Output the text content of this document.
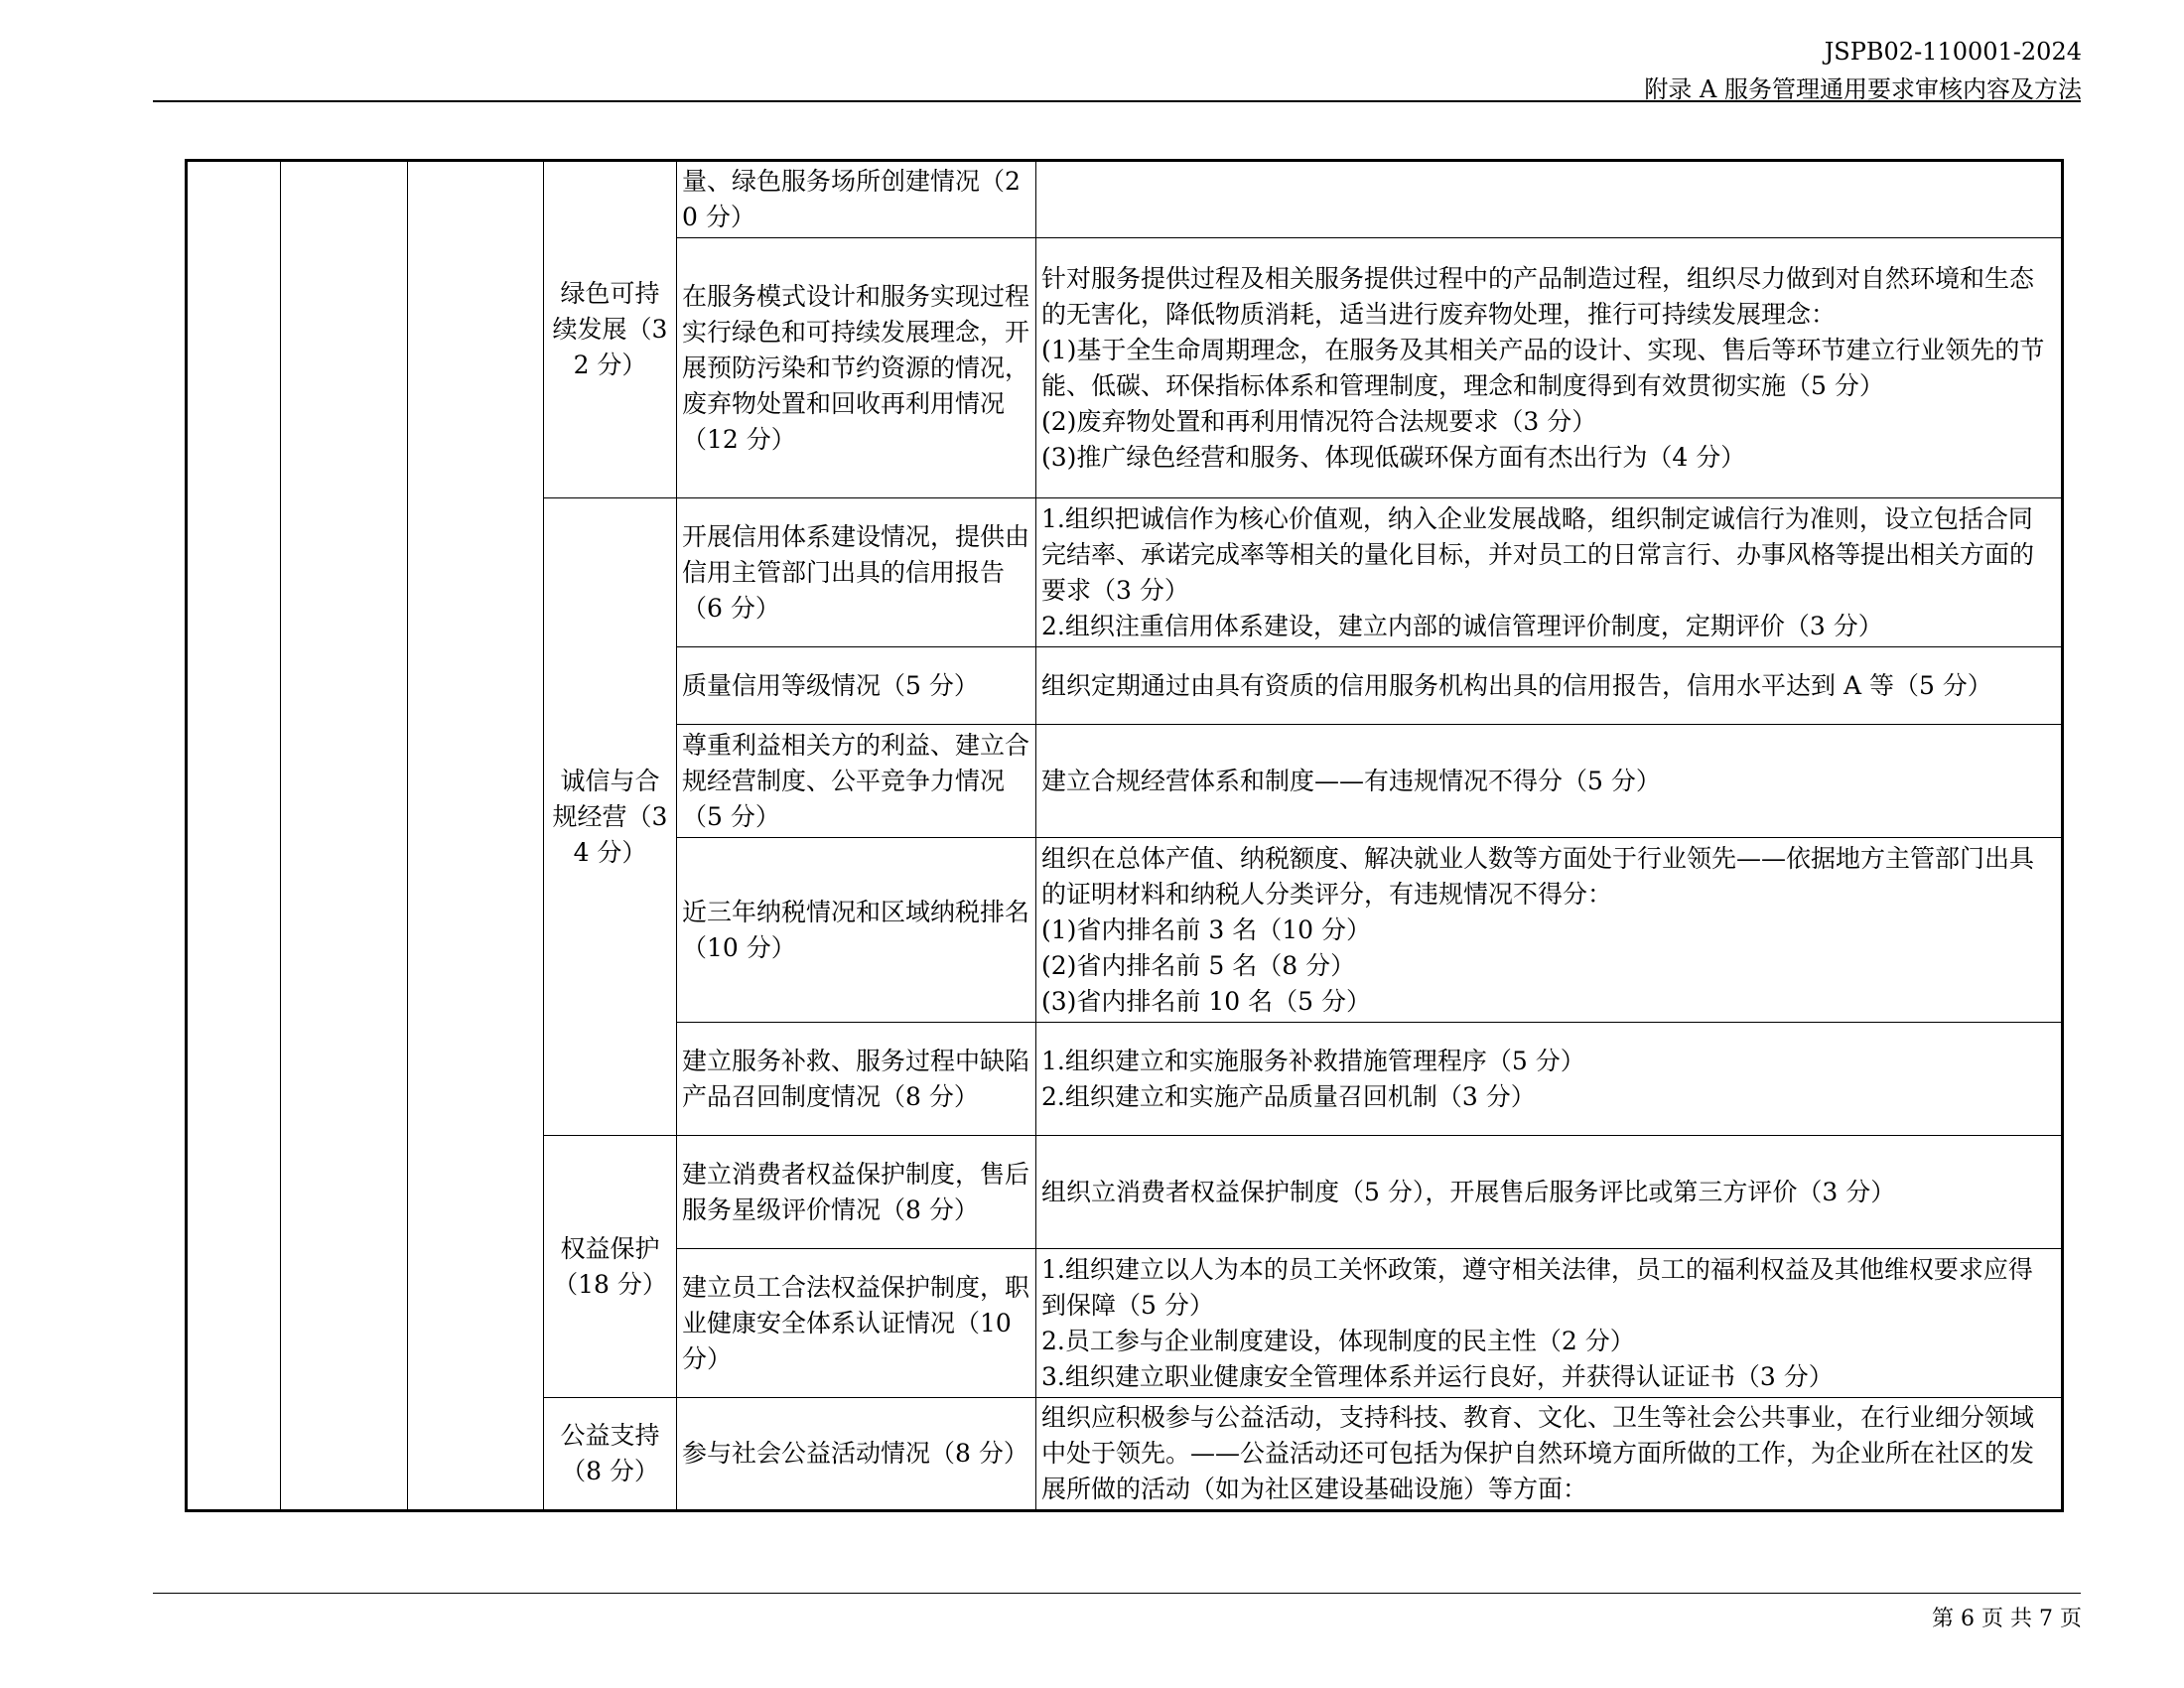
JSPB02-110001-2024
附录 A 服务管理通用要求审核内容及方法
			绿色可持续发展（32 分）	量、绿色服务场所创建情况（20 分）	
				在服务模式设计和服务实现过程实行绿色和可持续发展理念，开展预防污染和节约资源的情况，废弃物处置和回收再利用情况（12 分）	针对服务提供过程及相关服务提供过程中的产品制造过程，组织尽力做到对自然环境和生态的无害化，降低物质消耗，适当进行废弃物处理，推行可持续发展理念：
(1)基于全生命周期理念，在服务及其相关产品的设计、实现、售后等环节建立行业领先的节能、低碳、环保指标体系和管理制度，理念和制度得到有效贯彻实施（5 分）
(2)废弃物处置和再利用情况符合法规要求（3 分）
(3)推广绿色经营和服务、体现低碳环保方面有杰出行为（4 分）

			诚信与合规经营（34 分）	开展信用体系建设情况，提供由信用主管部门出具的信用报告（6 分）	1.组织把诚信作为核心价值观，纳入企业发展战略，组织制定诚信行为准则，设立包括合同完结率、承诺完成率等相关的量化目标，并对员工的日常言行、办事风格等提出相关方面的要求（3 分）
2.组织注重信用体系建设，建立内部的诚信管理评价制度，定期评价（3 分）

				质量信用等级情况（5 分）	组织定期通过由具有资质的信用服务机构出具的信用报告，信用水平达到 A 等（5 分）

				尊重利益相关方的利益、建立合规经营制度、公平竞争力情况（5 分）	建立合规经营体系和制度——有违规情况不得分（5 分）

				近三年纳税情况和区域纳税排名（10 分）	组织在总体产值、纳税额度、解决就业人数等方面处于行业领先——依据地方主管部门出具的证明材料和纳税人分类评分，有违规情况不得分：
(1)省内排名前 3 名（10 分）
(2)省内排名前 5 名（8 分）
(3)省内排名前 10 名（5 分）

				建立服务补救、服务过程中缺陷产品召回制度情况（8 分）	1.组织建立和实施服务补救措施管理程序（5 分）
2.组织建立和实施产品质量召回机制（3 分）

			权益保护（18 分）	建立消费者权益保护制度，售后服务星级评价情况（8 分）	组织立消费者权益保护制度（5 分），开展售后服务评比或第三方评价（3 分）

				建立员工合法权益保护制度，职业健康安全体系认证情况（10 分）	1.组织建立以人为本的员工关怀政策，遵守相关法律，员工的福利权益及其他维权要求应得到保障（5 分）
2.员工参与企业制度建设，体现制度的民主性（2 分）
3.组织建立职业健康安全管理体系并运行良好，并获得认证证书（3 分）

			公益支持（8 分）	参与社会公益活动情况（8 分）	组织应积极参与公益活动，支持科技、教育、文化、卫生等社会公共事业，在行业细分领域中处于领先。——公益活动还可包括为保护自然环境方面所做的工作，为企业所在社区的发展所做的活动（如为社区建设基础设施）等方面：
第 6 页 共 7 页
